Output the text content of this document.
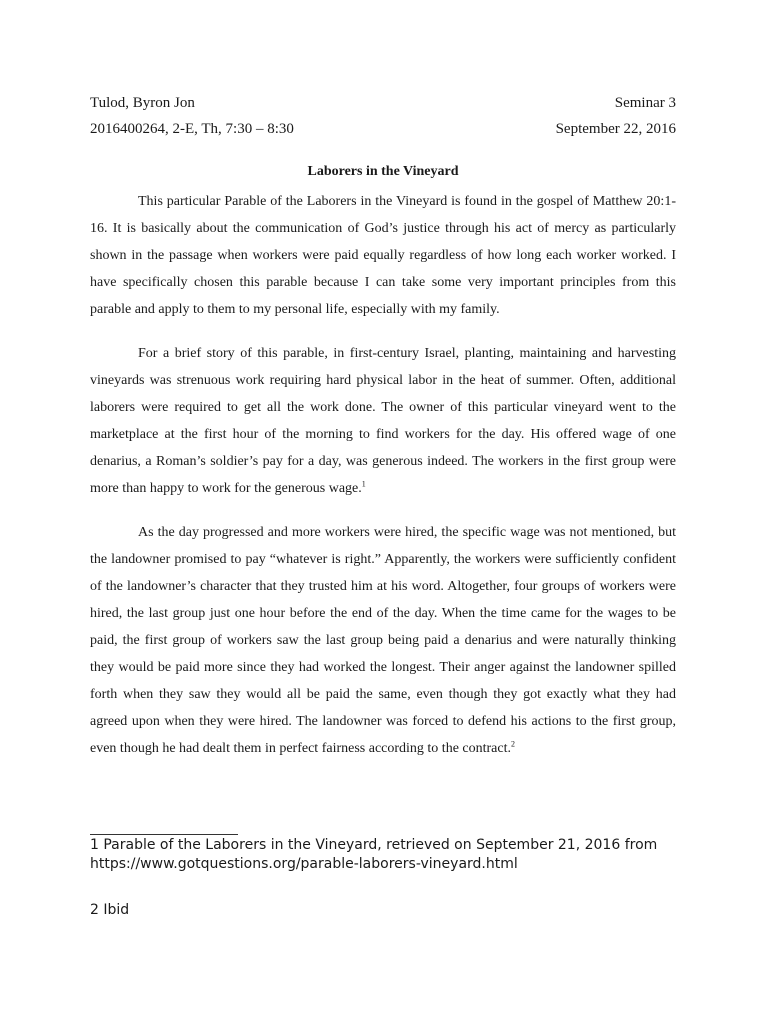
Tulod, Byron Jon	Seminar 3
2016400264, 2-E, Th, 7:30 – 8:30	September 22, 2016
Laborers in the Vineyard

This particular Parable of the Laborers in the Vineyard is found in the gospel of Matthew 20:1-16. It is basically about the communication of God’s justice through his act of mercy as particularly shown in the passage when workers were paid equally regardless of how long each worker worked. I have specifically chosen this parable because I can take some very important principles from this parable and apply to them to my personal life, especially with my family.

For a brief story of this parable, in first-century Israel, planting, maintaining and harvesting vineyards was strenuous work requiring hard physical labor in the heat of summer. Often, additional laborers were required to get all the work done. The owner of this particular vineyard went to the marketplace at the first hour of the morning to find workers for the day. His offered wage of one denarius, a Roman’s soldier’s pay for a day, was generous indeed. The workers in the first group were more than happy to work for the generous wage.$^1$

As the day progressed and more workers were hired, the specific wage was not mentioned, but the landowner promised to pay “whatever is right.” Apparently, the workers were sufficiently confident of the landowner’s character that they trusted him at his word. Altogether, four groups of workers were hired, the last group just one hour before the end of the day. When the time came for the wages to be paid, the first group of workers saw the last group being paid a denarius and were naturally thinking they would be paid more since they had worked the longest. Their anger against the landowner spilled forth when they saw they would all be paid the same, even though they got exactly what they had agreed upon when they were hired. The landowner was forced to defend his actions to the first group, even though he had dealt them in perfect fairness according to the contract.$^2$

1 Parable of the Laborers in the Vineyard, retrieved on September 21, 2016 from https://www.gotquestions.org/parable-laborers-vineyard.html
2 Ibid
